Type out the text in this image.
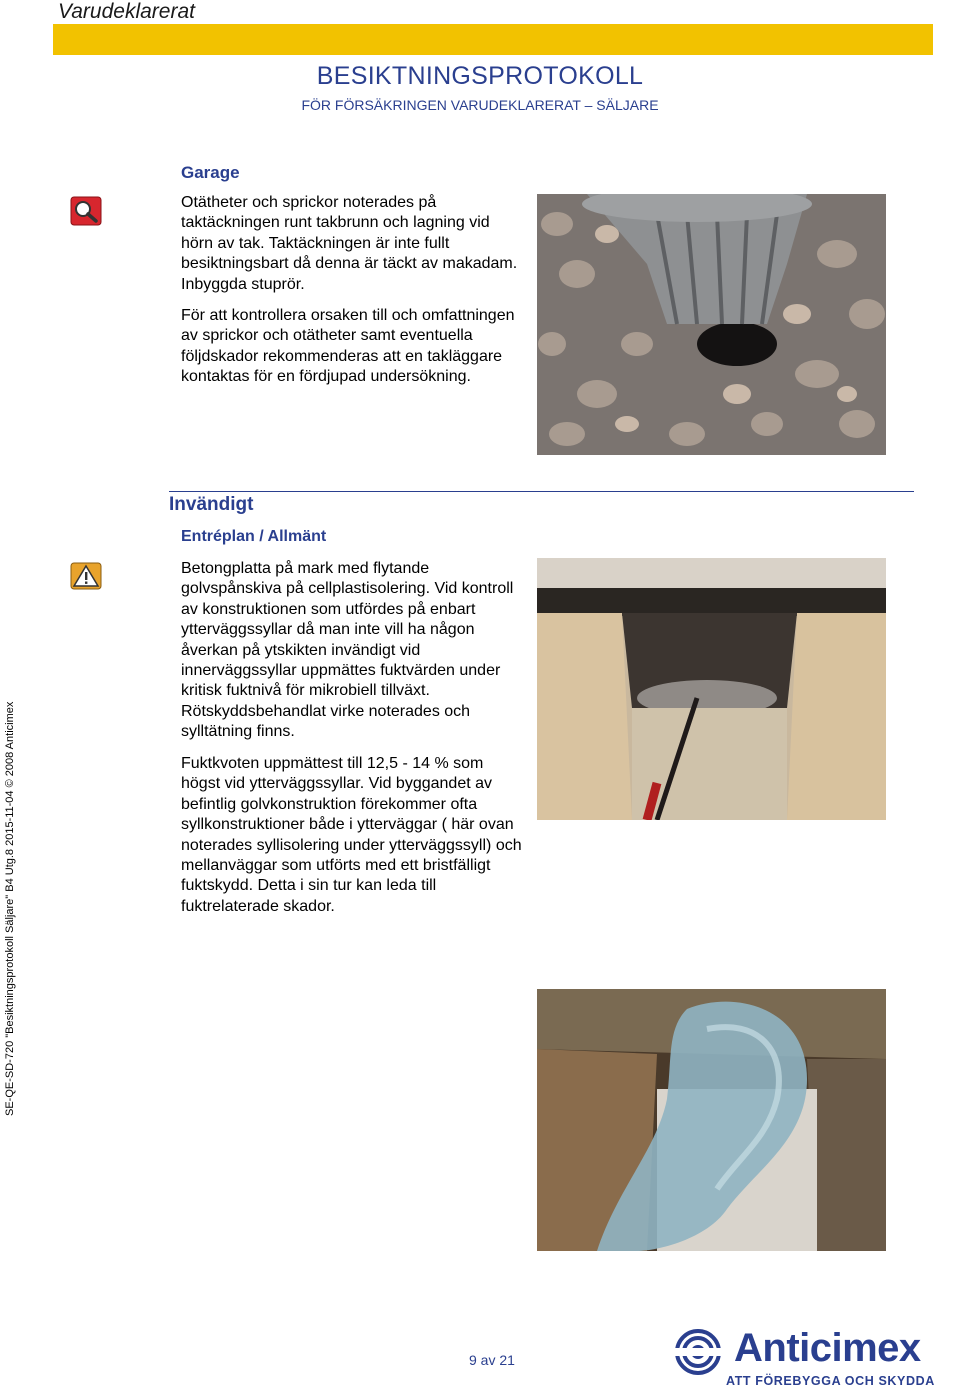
Varudeklarerat
BESIKTNINGSPROTOKOLL
FÖR FÖRSÄKRINGEN VARUDEKLARERAT – SÄLJARE
Garage
Otätheter och sprickor noterades på taktäckningen runt takbrunn och lagning vid hörn av tak. Taktäckningen är inte fullt besiktningsbart då denna är täckt av makadam. Inbyggda stuprör.
För att kontrollera orsaken till och omfattningen av sprickor och otätheter samt eventuella följdskador rekommenderas att en takläggare kontaktas för en fördjupad undersökning.
Invändigt
Entréplan / Allmänt
Betongplatta på mark med flytande golvspånskiva på cellplastisolering. Vid kontroll av konstruktionen som utfördes på enbart ytterväggssyllar då man inte vill ha någon åverkan på ytskikten invändigt vid innerväggssyllar uppmättes fuktvärden under kritisk fuktnivå för mikrobiell tillväxt. Rötskyddsbehandlat virke noterades och sylltätning finns.
Fuktkvoten uppmättest till 12,5 - 14 % som högst vid ytterväggssyllar. Vid byggandet av befintlig golvkonstruktion förekommer ofta syllkonstruktioner både i ytterväggar ( här ovan noterades syllisolering under ytterväggssyll) och mellanväggar som utförts med ett bristfälligt fuktskydd. Detta i sin tur kan leda till fuktrelaterade skador.
SE-QE-SD-720 "Besiktningsprotokoll Säljare" B4 Utg.8 2015-11-04 © 2008 Anticimex
9 av 21	Anticimex
ATT FÖREBYGGA OCH SKYDDA
